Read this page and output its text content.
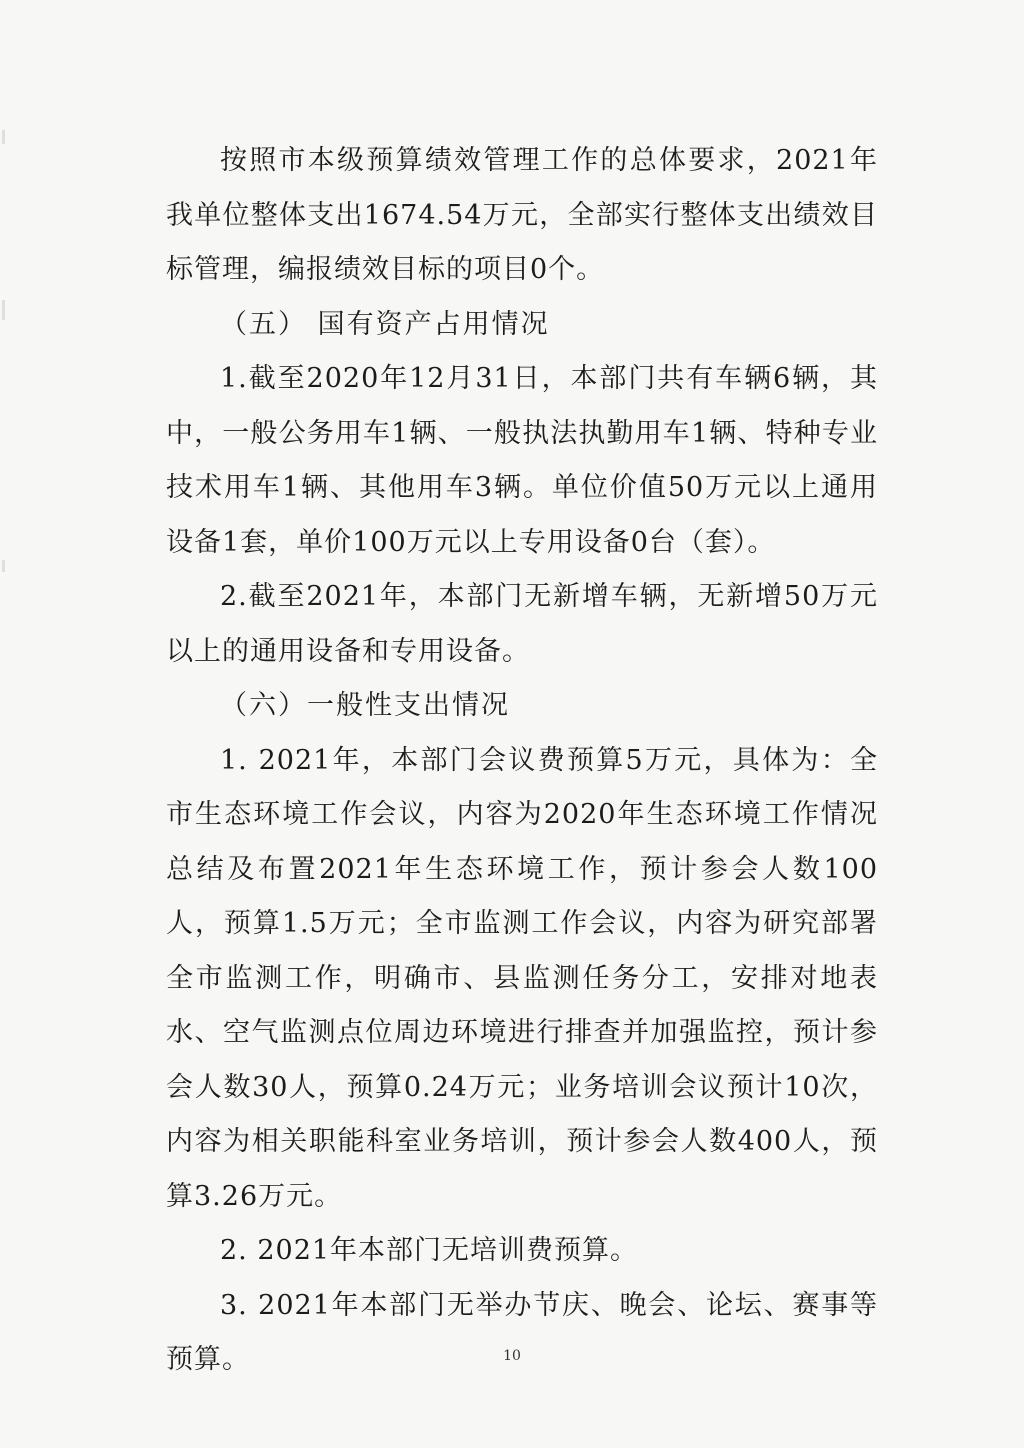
按照市本级预算绩效管理工作的总体要求，2021年我单位整体支出1674.54万元，全部实行整体支出绩效目标管理，编报绩效目标的项目0个。

（五） 国有资产占用情况

1.截至2020年12月31日，本部门共有车辆6辆，其中，一般公务用车1辆、一般执法执勤用车1辆、特种专业技术用车1辆、其他用车3辆。单位价值50万元以上通用设备1套，单价100万元以上专用设备0台（套）。

2.截至2021年，本部门无新增车辆，无新增50万元以上的通用设备和专用设备。

（六）一般性支出情况

1. 2021年，本部门会议费预算5万元，具体为：全市生态环境工作会议，内容为2020年生态环境工作情况总结及布置2021年生态环境工作，预计参会人数100人，预算1.5万元；全市监测工作会议，内容为研究部署全市监测工作，明确市、县监测任务分工，安排对地表水、空气监测点位周边环境进行排查并加强监控，预计参会人数30人，预算0.24万元；业务培训会议预计10次，内容为相关职能科室业务培训，预计参会人数400人，预算3.26万元。

2. 2021年本部门无培训费预算。

3. 2021年本部门无举办节庆、晚会、论坛、赛事等预算。	10
